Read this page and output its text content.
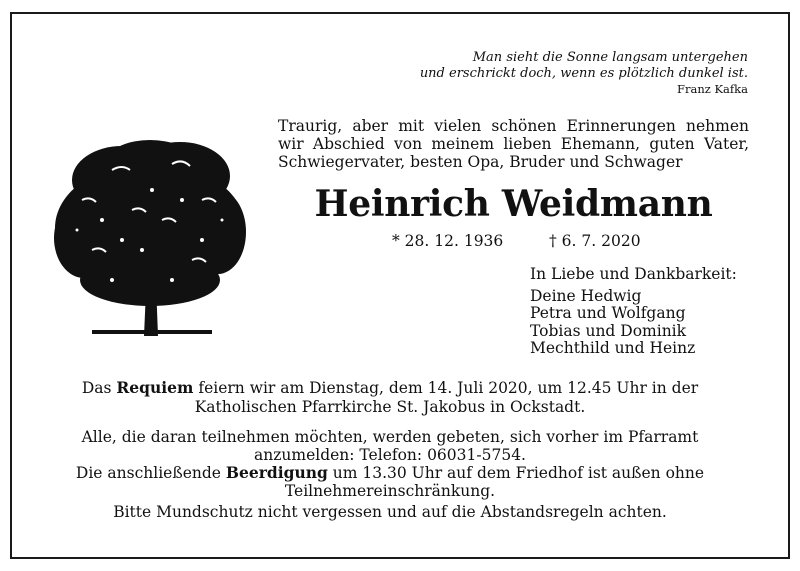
Man sieht die Sonne langsam untergehen
und erschrickt doch, wenn es plötzlich dunkel ist.
Franz Kafka
Traurig, aber mit vielen schönen Erinnerungen nehmen
wir Abschied von meinem lieben Ehemann, guten Vater,
Schwiegervater, besten Opa, Bruder und Schwager
Heinrich Weidmann
* 28. 12. 1936	† 6. 7. 2020
In Liebe und Dankbarkeit:
Deine Hedwig
Petra und Wolfgang
Tobias und Dominik
Mechthild und Heinz
Das Requiem feiern wir am Dienstag, dem 14. Juli 2020, um 12.45 Uhr in der
Katholischen Pfarrkirche St. Jakobus in Ockstadt.
Alle, die daran teilnehmen möchten, werden gebeten, sich vorher im Pfarramt
anzumelden: Telefon: 06031-5754.
Die anschließende Beerdigung um 13.30 Uhr auf dem Friedhof ist außen ohne
Teilnehmereinschränkung.
Bitte Mundschutz nicht vergessen und auf die Abstandsregeln achten.
